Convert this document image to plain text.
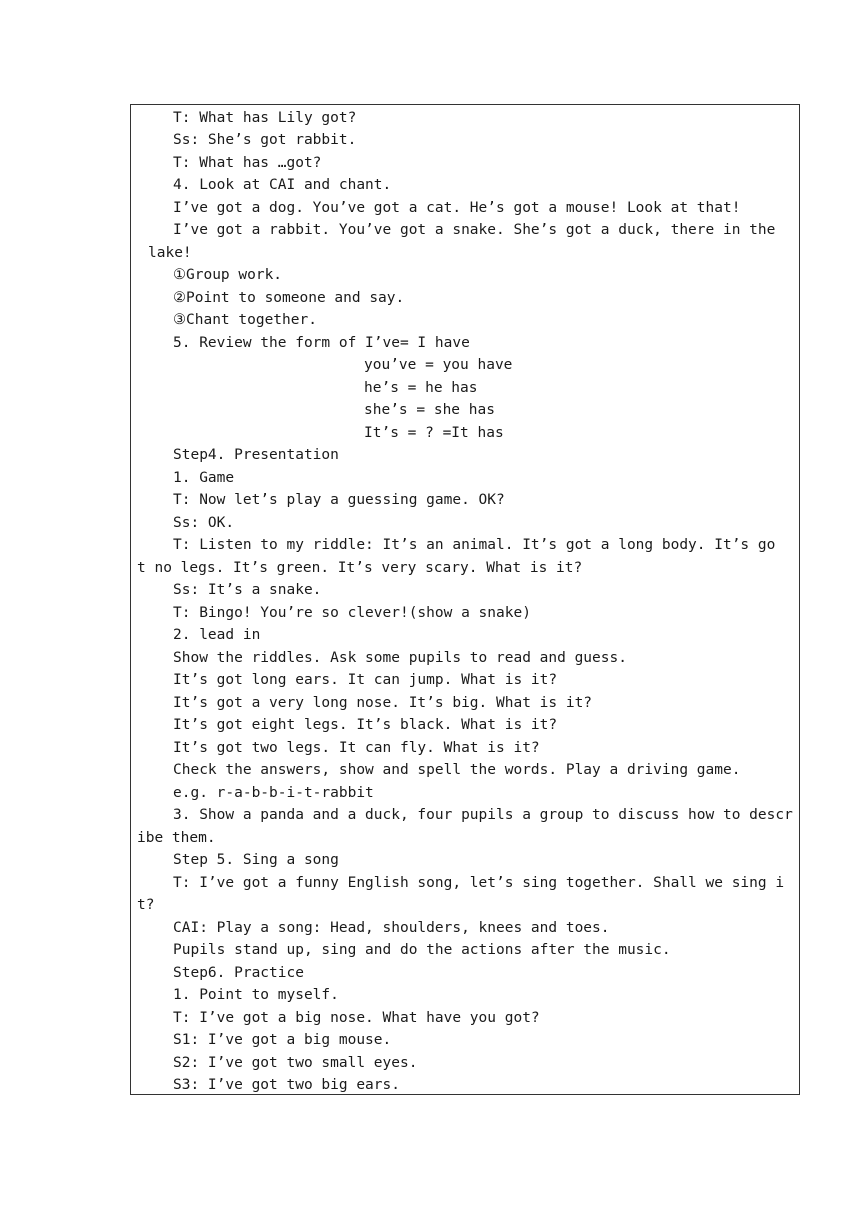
T: What has Lily got?
Ss: She’s got rabbit.
T: What has …got?
4. Look at CAI and chant.
I’ve got a dog. You’ve got a cat. He’s got a mouse! Look at that!
I’ve got a rabbit. You’ve got a snake. She’s got a duck, there in the
lake!
①Group work.
②Point to someone and say.
③Chant together.
5. Review the form of I’ve= I have
you’ve = you have
he’s = he has
she’s = she has
It’s = ? =It has
Step4. Presentation
1. Game
T: Now let’s play a guessing game. OK?
Ss: OK.
T: Listen to my riddle: It’s an animal. It’s got a long body. It’s go
t no legs. It’s green. It’s very scary. What is it?
Ss: It’s a snake.
T: Bingo! You’re so clever!(show a snake)
2. lead in
Show the riddles. Ask some pupils to read and guess.
It’s got long ears. It can jump. What is it?
It’s got a very long nose. It’s big. What is it?
It’s got eight legs. It’s black. What is it?
It’s got two legs. It can fly. What is it?
Check the answers, show and spell the words. Play a driving game.
e.g. r-a-b-b-i-t-rabbit
3. Show a panda and a duck, four pupils a group to discuss how to descr
ibe them.
Step 5. Sing a song
T: I’ve got a funny English song, let’s sing together. Shall we sing i
t?
CAI: Play a song: Head, shoulders, knees and toes.
Pupils stand up, sing and do the actions after the music.
Step6. Practice
1. Point to myself.
T: I’ve got a big nose. What have you got?
S1: I’ve got a big mouse.
S2: I’ve got two small eyes.
S3: I’ve got two big ears.
